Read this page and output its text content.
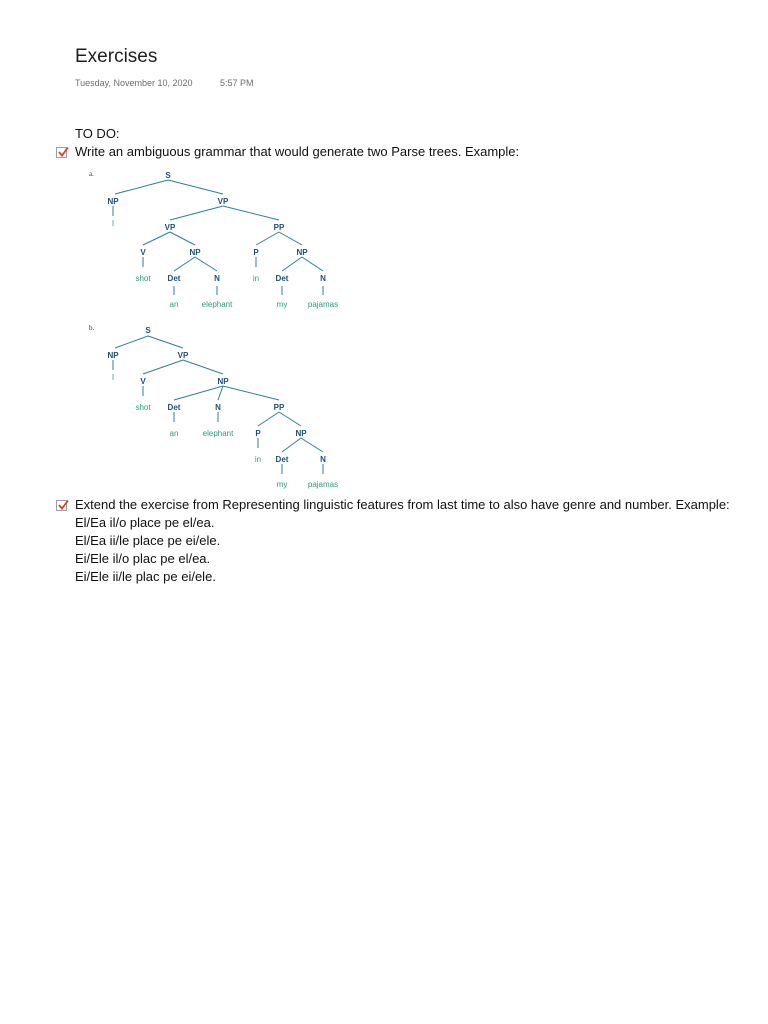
Exercises
Tuesday, November 10, 2020	5:57 PM
TO DO:
Write an ambiguous grammar that would generate two Parse trees. Example:
a.	S
NP	VP
VP	PP
V	NP	P	NP
Det	N	Det	N
I
shot	in
an	elephant	my	pajamas
b.	S
NP	VP
V	NP
Det	N	PP
P	NP
Det	N
I
shot
an	elephant
in
my	pajamas
Extend the exercise from Representing linguistic features from last time to also have genre and number. Example:
El/Ea il/o place pe el/ea.
El/Ea ii/le place pe ei/ele.
Ei/Ele il/o plac pe el/ea.
Ei/Ele ii/le plac pe ei/ele.
